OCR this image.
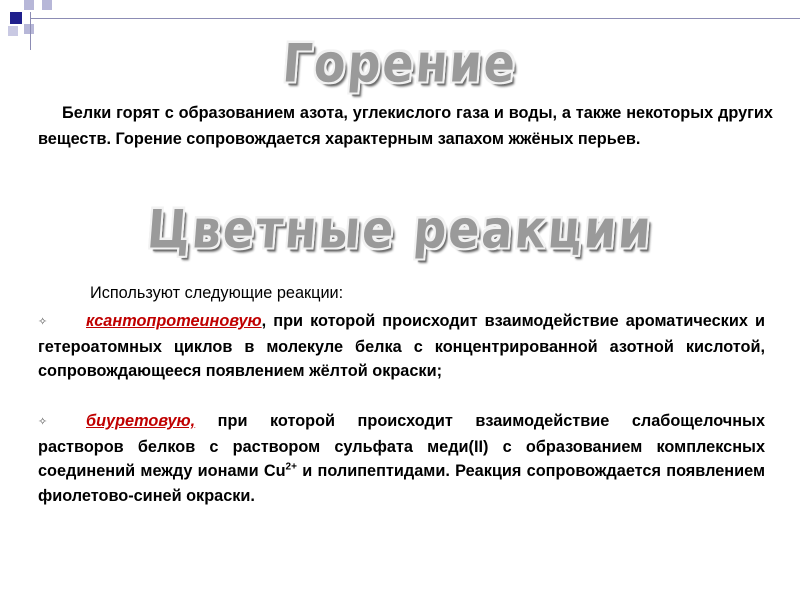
Горение

Белки горят с образованием азота, углекислого газа и воды, а также некоторых других веществ. Горение сопровождается характерным запахом жжёных перьев.

Цветные реакции

Используют следующие реакции:

✧ ксантопротеиновую, при которой происходит взаимодействие ароматических и гетероатомных циклов в молекуле белка с концентрированной азотной кислотой, сопровождающееся появлением жёлтой окраски;

✧ биуретовую, при которой происходит взаимодействие слабощелочных растворов белков с раствором сульфата меди(II) с образованием комплексных соединений между ионами $Cu^{2+}$ и полипептидами. Реакция сопровождается появлением фиолетово-синей окраски.
